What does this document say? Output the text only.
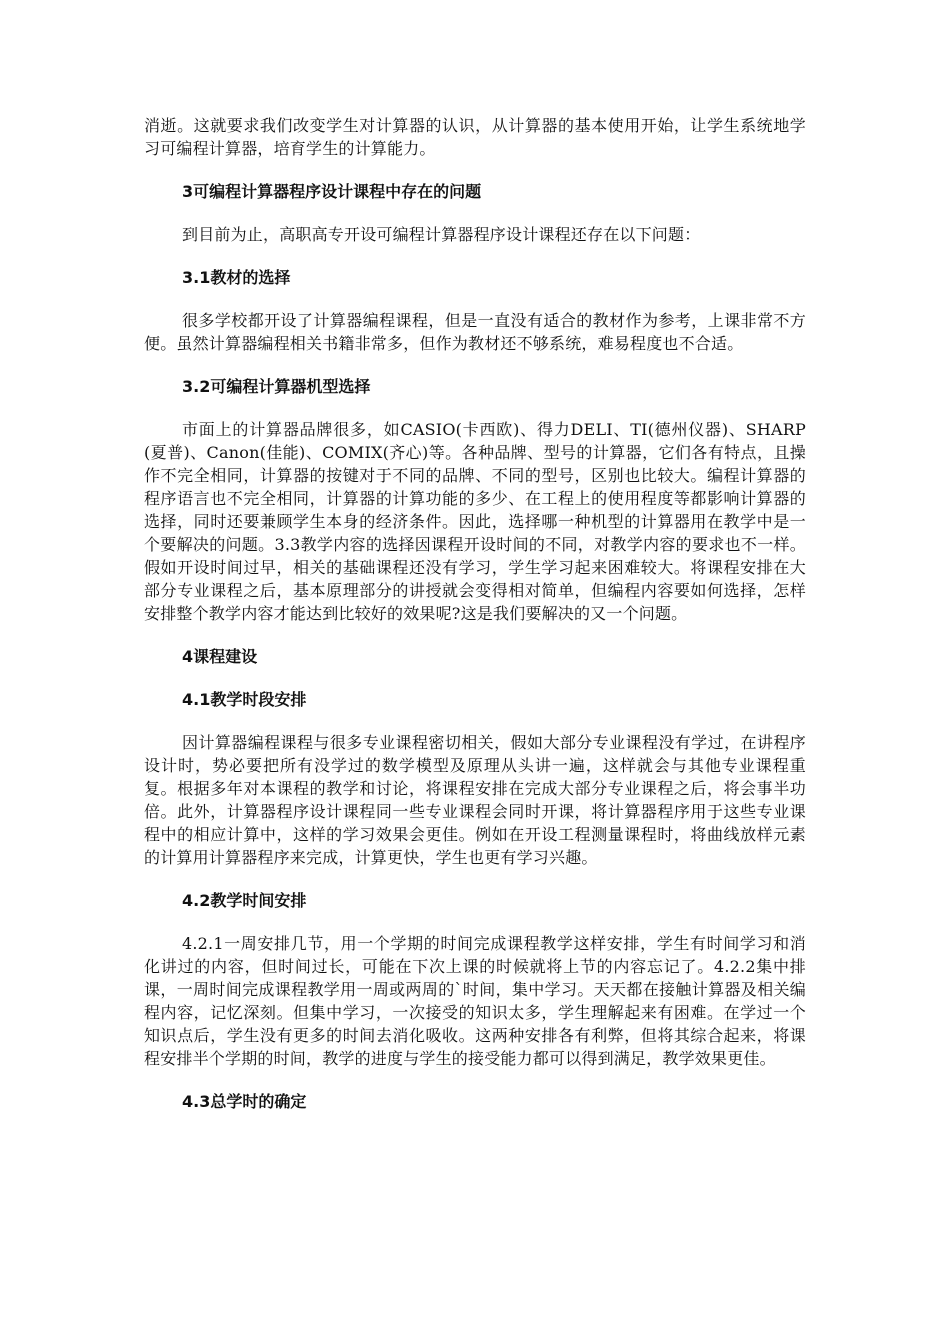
消逝。这就要求我们改变学生对计算器的认识，从计算器的基本使用开始，让学生系统地学习可编程计算器，培育学生的计算能力。

3可编程计算器程序设计课程中存在的问题

到目前为止，高职高专开设可编程计算器程序设计课程还存在以下问题：

3.1教材的选择

很多学校都开设了计算器编程课程，但是一直没有适合的教材作为参考，上课非常不方便。虽然计算器编程相关书籍非常多，但作为教材还不够系统，难易程度也不合适。

3.2可编程计算器机型选择

市面上的计算器品牌很多，如CASIO(卡西欧)、得力DELI、TI(德州仪器)、SHARP(夏普)、Canon(佳能)、COMIX(齐心)等。各种品牌、型号的计算器，它们各有特点，且操作不完全相同，计算器的按键对于不同的品牌、不同的型号，区别也比较大。编程计算器的程序语言也不完全相同，计算器的计算功能的多少、在工程上的使用程度等都影响计算器的选择，同时还要兼顾学生本身的经济条件。因此，选择哪一种机型的计算器用在教学中是一个要解决的问题。3.3教学内容的选择因课程开设时间的不同，对教学内容的要求也不一样。假如开设时间过早，相关的基础课程还没有学习，学生学习起来困难较大。将课程安排在大部分专业课程之后，基本原理部分的讲授就会变得相对简单，但编程内容要如何选择，怎样安排整个教学内容才能达到比较好的效果呢?这是我们要解决的又一个问题。

4课程建设

4.1教学时段安排

因计算器编程课程与很多专业课程密切相关，假如大部分专业课程没有学过，在讲程序设计时，势必要把所有没学过的数学模型及原理从头讲一遍，这样就会与其他专业课程重复。根据多年对本课程的教学和讨论，将课程安排在完成大部分专业课程之后，将会事半功倍。此外，计算器程序设计课程同一些专业课程会同时开课，将计算器程序用于这些专业课程中的相应计算中，这样的学习效果会更佳。例如在开设工程测量课程时，将曲线放样元素的计算用计算器程序来完成，计算更快，学生也更有学习兴趣。

4.2教学时间安排

4.2.1一周安排几节，用一个学期的时间完成课程教学这样安排，学生有时间学习和消化讲过的内容，但时间过长，可能在下次上课的时候就将上节的内容忘记了。4.2.2集中排课，一周时间完成课程教学用一周或两周的`时间，集中学习。天天都在接触计算器及相关编程内容，记忆深刻。但集中学习，一次接受的知识太多，学生理解起来有困难。在学过一个知识点后，学生没有更多的时间去消化吸收。这两种安排各有利弊，但将其综合起来，将课程安排半个学期的时间，教学的进度与学生的接受能力都可以得到满足，教学效果更佳。

4.3总学时的确定
